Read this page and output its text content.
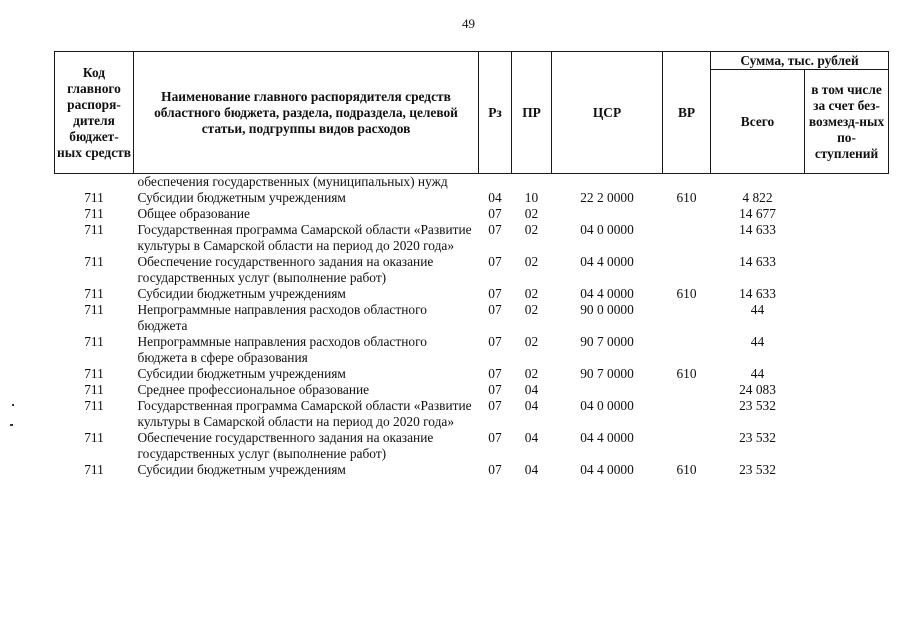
49
Код главного распоря-дителя бюджет-ных средств	Наименование главного распорядителя средств областного бюджета, раздела, подраздела, целевой статьи, подгруппы видов расходов	Рз	ПР	ЦСР	ВР	Сумма, тыс. рублей	
						Всего	в том числе за счет без-возмезд-ных по-ступлений
	обеспечения государственных (муниципальных) нужд						
711	Субсидии бюджетным учреждениям	04	10	22 2 0000	610	4 822	
711	Общее образование	07	02			14 677	
711	Государственная программа Самарской области «Развитие культуры в Самарской области на период до 2020 года»	07	02	04 0 0000		14 633	
711	Обеспечение государственного задания на оказание государственных услуг (выполнение работ)	07	02	04 4 0000		14 633	
711	Субсидии бюджетным учреждениям	07	02	04 4 0000	610	14 633	
711	Непрограммные направления расходов областного бюджета	07	02	90 0 0000		44	
711	Непрограммные направления расходов областного бюджета в сфере образования	07	02	90 7 0000		44	
711	Субсидии бюджетным учреждениям	07	02	90 7 0000	610	44	
711	Среднее профессиональное образование	07	04			24 083	
711	Государственная программа Самарской области «Развитие культуры в Самарской области на период до 2020 года»	07	04	04 0 0000		23 532	
711	Обеспечение государственного задания на оказание государственных услуг (выполнение работ)	07	04	04 4 0000		23 532	
711	Субсидии бюджетным учреждениям	07	04	04 4 0000	610	23 532	
